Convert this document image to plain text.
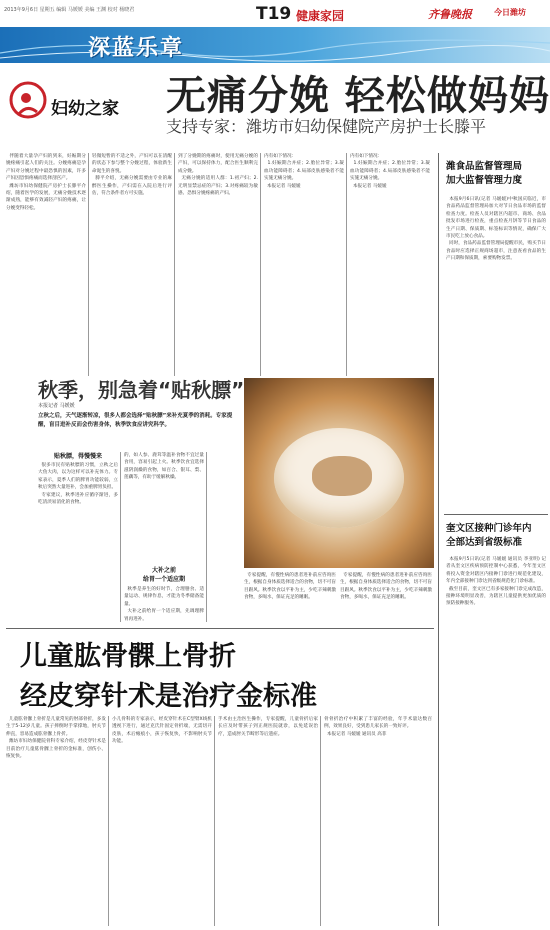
2013年9月6日 星期五 编辑 马媛媛 美编 王渊 校对 杨晓君	T19 健康家园	齐鲁晚报	今日潍坊
深蓝乐章
妇幼之家 无痛分娩 轻松做妈妈
支持专家：潍坊市妇幼保健院产房护士长滕平
伴随着大量孕产妇的到来，妊娠期分娩疼痛引起人们的关注。分娩疼痛是孕产妇对分娩过程中最恐惧的因素，许多产妇因恐惧疼痛而选择剖宫产。
潍坊市妇幼保健院产房护士长滕平介绍，随着医学的发展，无痛分娩技术逐渐成熟，能够有效减轻产妇的疼痛，让分娩变得轻松。
轻微短暂的不适之外，产妇可以在清醒的状态下参与整个分娩过程，体验新生命诞生的喜悦。
滕平介绍，无痛分娩需要由专业的麻醉医生操作，产妇需在入院后进行评估，符合条件者方可实施。
到了分娩期的疼痛时，使用无痛分娩的产妇，可以保持体力，配合医生顺利完成分娩。
无痛分娩的适用人群：1.初产妇；2.无明显禁忌症的产妇；3.对疼痛较为敏感、恐惧分娩疼痛的产妇。
内有如下情况：
1.妊娠期合并症；2.胎位异常；3.凝血功能障碍者；4.局部皮肤感染者不能实施无痛分娩。
本报记者 马媛媛
内有如下情况：
1.妊娠期合并症；2.胎位异常；3.凝血功能障碍者；4.局部皮肤感染者不能实施无痛分娩。
本报记者 马媛媛
潍食品监督管理局
加大监督管理力度
本报9月6日讯(记者 马媛媛)中秋国庆临近，市食品药品监督管理局加大对节日食品市场的监督检查力度。检查人员对辖区内超市、商场、食品批发市场进行检查，重点检查月饼等节日食品的生产日期、保质期、标签标识等情况，确保广大市民吃上放心食品。
同时，食品药品监督管理局提醒市民，购买节日食品时应选择正规商场超市，注意查看食品的生产日期和保质期，索要购物发票。
奎文区接种门诊年内
全部达到省级标准
本报9月5日讯(记者 马媛媛 通讯员 李亚明) 记者从奎文区疾病预防控制中心获悉，今年奎文区将投入资金对辖区内接种门诊进行规范化建设，年内全部接种门诊达到省级规范化门诊标准。
截至目前，奎文区已有多家接种门诊完成改造，接种环境明显改善，为辖区儿童提供更加优质的预防接种服务。
秋季，别急着“贴秋膘”
本报记者 马媛媛
立秋之后，天气逐渐转凉，很多人都会选择“贴秋膘”来补充夏季的消耗。专家提醒，盲目进补反而会伤害身体，秋季饮食应讲究科学。
贴秋膘，得慢慢来
很多市民有贴秋膘的习惯，立秋之后大鱼大肉，以为这样可以补充体力。专家表示，夏季人们的脾胃功能较弱，立秋后突然大量进补，会加重脾胃负担。
专家建议，秋季进补应循序渐进，多吃清淡易消化的食物。
的，如人参、鹿茸等温补食物不宜过量食用，容易引起上火。秋季饮食宜选择滋阴润燥的食物，如百合、银耳、梨、莲藕等，有助于缓解秋燥。
大补之前
给胃一个适应期
秋季是养生的好时节，合理膳食、适量运动、规律作息，才能为冬季储备能量。
大补之前给胃一个适应期，先调理脾胃再进补。
专家提醒，有慢性病的患者进补前应咨询医生，根据自身体质选择适合的食物，切不可盲目跟风。秋季饮食以平补为主，少吃辛辣刺激食物，多喝水，保证充足的睡眠。
专家提醒，有慢性病的患者进补前应咨询医生，根据自身体质选择适合的食物，切不可盲目跟风。秋季饮食以平补为主，少吃辛辣刺激食物，多喝水，保证充足的睡眠。
儿童肱骨髁上骨折
经皮穿针术是治疗金标准
儿童肱骨髁上骨折是儿童常见的肘部骨折，多发生于5-12岁儿童。孩子摔倒时手掌撑地，肘关节伸直，容易造成肱骨髁上骨折。
潍坊市妇幼保健院骨科专家介绍，经皮穿针术是目前治疗儿童肱骨髁上骨折的金标准，创伤小、恢复快。
小儿骨科的专家表示，经皮穿针术在C型臂X线机透视下进行，通过克氏针固定骨折端，无需切开皮肤，术后瘢痕小，孩子恢复快，不影响肘关节功能。
手术由主治医生操作，专家提醒，儿童骨折后家长应及时带孩子到正规医院就诊，以免延误治疗，造成肘关节畸形等后遗症。
骨骨折治疗中积累了丰富的经验，年手术量达数百例，效果良好，受到患儿家长的一致好评。
本报记者 马媛媛 通讯员 高菲
